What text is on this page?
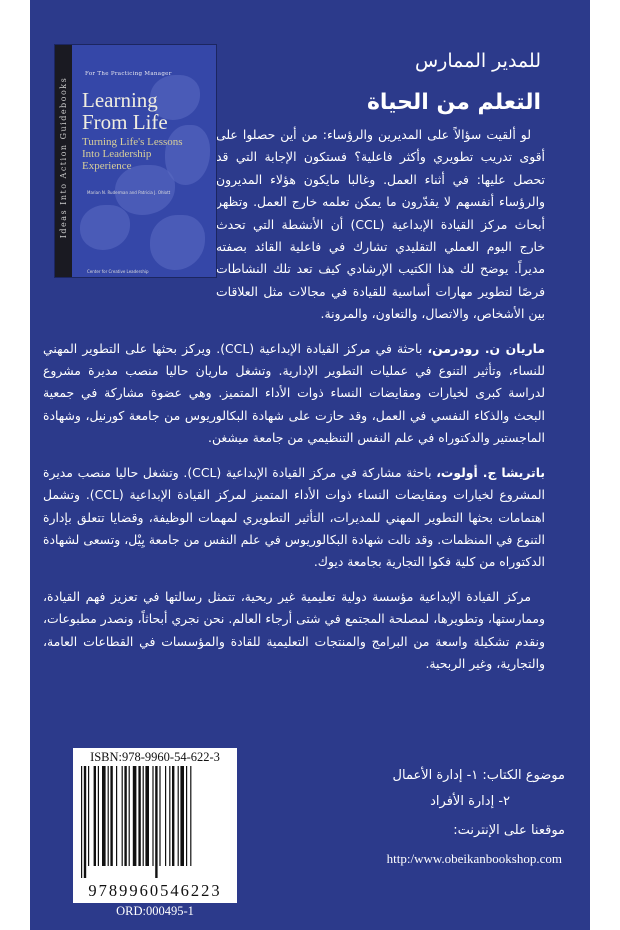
Ideas Into Action Guidebooks
For The Practicing Manager
Learning
From Life
Turning Life's Lessons
Into Leadership
Experience
Marian N. Ruderman and Patricia J. Ohlott
Center for Creative Leadership
للمدير الممارس
التعلم من الحياة

لو ألقيت سؤالاً على المديرين والرؤساء: من أين حصلوا على أقوى تدريب تطويري وأكثر فاعلية؟ فستكون الإجابة التي قد تحصل عليها: في أثناء العمل. وغالبا مايكون هؤلاء المديرون والرؤساء أنفسهم لا يقدّرون ما يمكن تعلمه خارج العمل. وتظهر أبحاث مركز القيادة الإبداعية (CCL) أن الأنشطة التي تحدث خارج اليوم العملي التقليدي تشارك في فاعلية القائد بصفته مديراً. يوضح لك هذا الكتيب الإرشادي كيف تعد تلك النشاطات فرصًا لتطوير مهارات أساسية للقيادة في مجالات مثل العلاقات بين الأشخاص، والاتصال، والتعاون، والمرونة.

ماريان ن. رودرمن، باحثة في مركز القيادة الإبداعية (CCL). ويركز بحثها على التطوير المهني للنساء، وتأثير التنوع في عمليات التطوير الإدارية. وتشغل ماريان حاليا منصب مديرة مشروع لدراسة كبرى لخيارات ومقايضات النساء ذوات الأداء المتميز. وهي عضوة مشاركة في جمعية البحث والذكاء النفسي في العمل، وقد حازت على شهادة البكالوريوس من جامعة كورنيل، وشهادة الماجستير والدكتوراه في علم النفس التنظيمي من جامعة ميشغن.

باتريشا ج. أولوت، باحثة مشاركة في مركز القيادة الإبداعية (CCL). وتشغل حاليا منصب مديرة المشروع لخيارات ومقايضات النساء ذوات الأداء المتميز لمركز القيادة الإبداعية (CCL). وتشمل اهتمامات بحثها التطوير المهني للمديرات، التأثير التطويري لمهمات الوظيفة، وقضايا تتعلق بإدارة التنوع في المنظمات. وقد نالت شهادة البكالوريوس في علم النفس من جامعة يِيْل، وتسعى لشهادة الدكتوراه من كلية فكوا التجارية بجامعة ديوك.

مركز القيادة الإبداعية مؤسسة دولية تعليمية غير ربحية، تتمثل رسالتها في تعزيز فهم القيادة، وممارستها، وتطويرها، لمصلحة المجتمع في شتى أرجاء العالم. نحن نجري أبحاثاً، ونصدر مطبوعات، ونقدم تشكيلة واسعة من البرامج والمنتجات التعليمية للقادة والمؤسسات في القطاعات العامة، والتجارية، وغير الربحية.

ISBN:978-9960-54-622-3
9789960546223
ORD:000495-1
موضوع الكتاب: ١- إدارة الأعمال
٢- إدارة الأفراد
موقعنا على الإنترنت:
http:/www.obeikanbookshop.com
